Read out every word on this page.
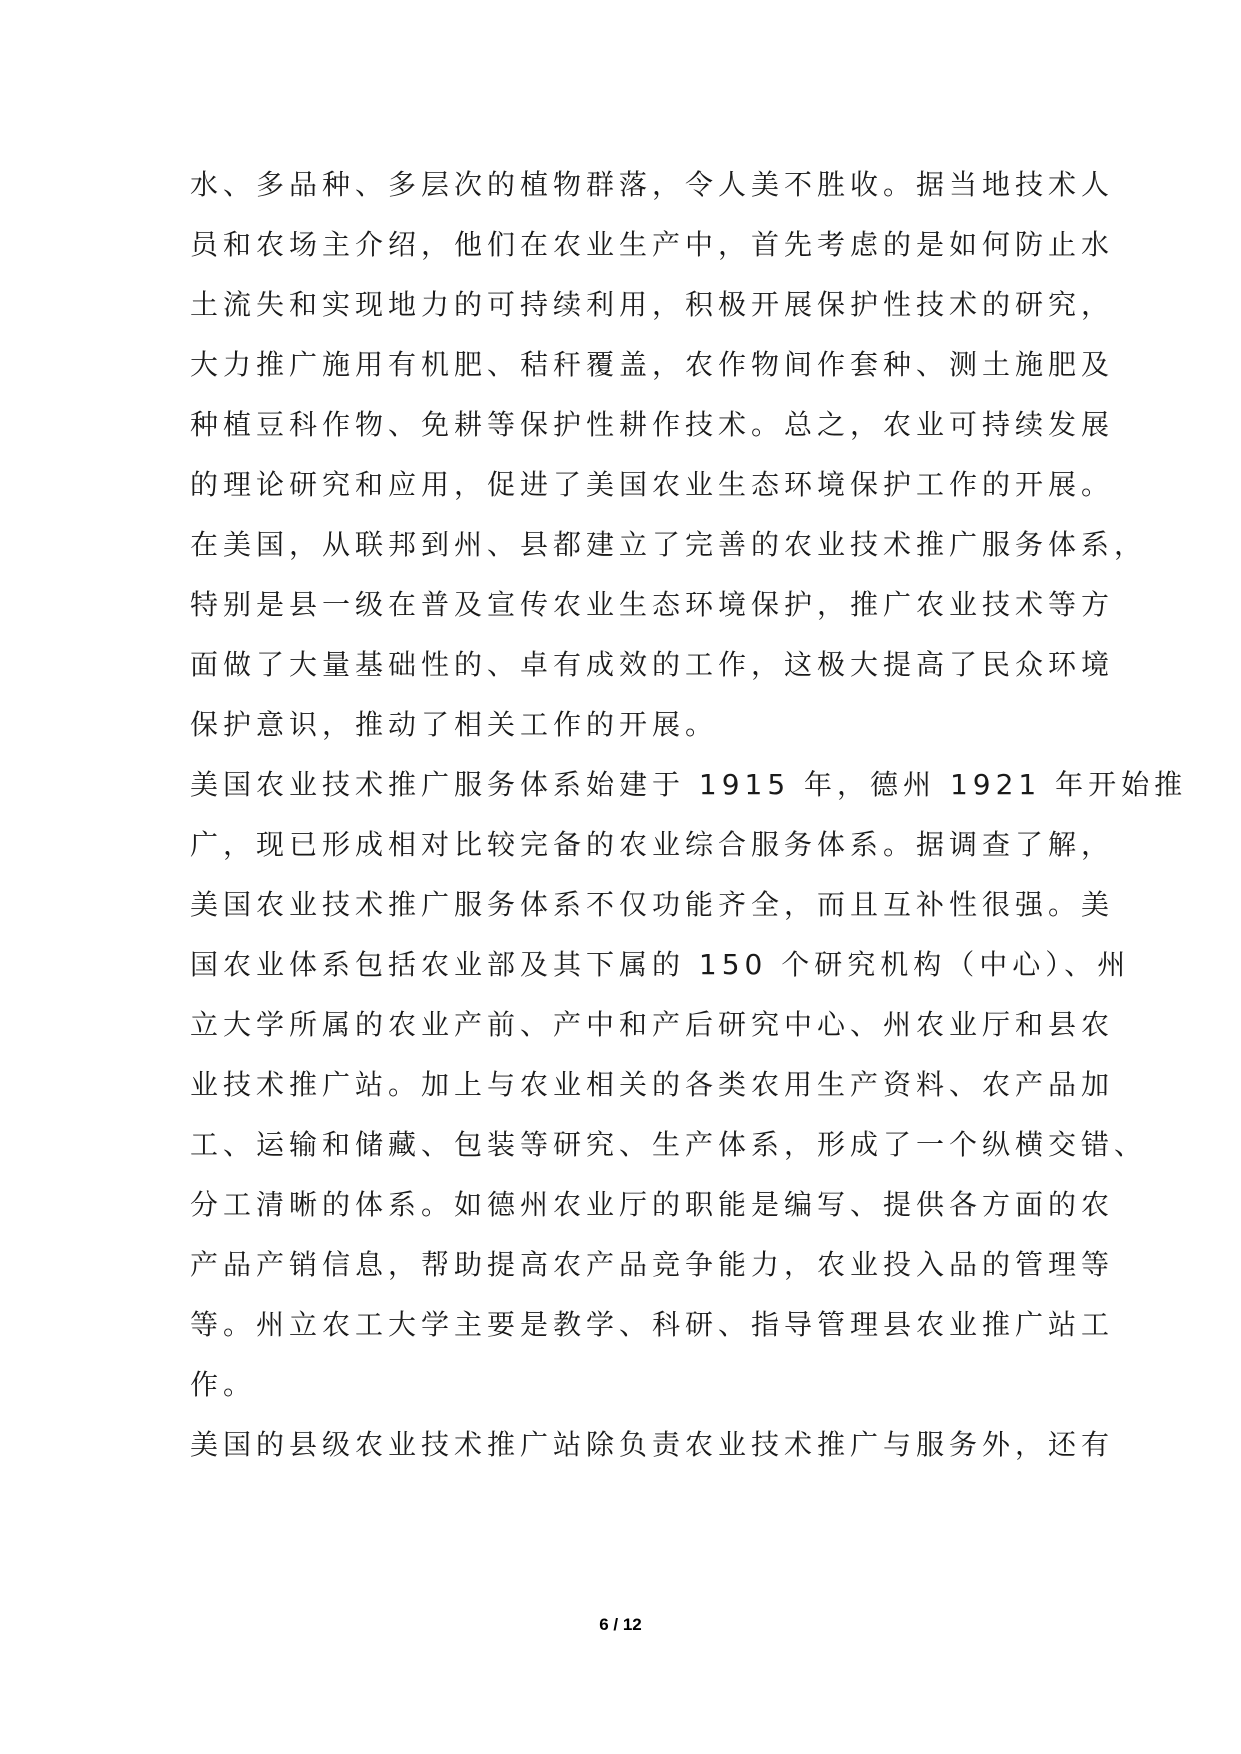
水、多品种、多层次的植物群落，令人美不胜收。据当地技术人
员和农场主介绍，他们在农业生产中，首先考虑的是如何防止水
土流失和实现地力的可持续利用，积极开展保护性技术的研究，
大力推广施用有机肥、秸秆覆盖，农作物间作套种、测土施肥及
种植豆科作物、免耕等保护性耕作技术。总之，农业可持续发展
的理论研究和应用，促进了美国农业生态环境保护工作的开展。
在美国，从联邦到州、县都建立了完善的农业技术推广服务体系，
特别是县一级在普及宣传农业生态环境保护，推广农业技术等方
面做了大量基础性的、卓有成效的工作，这极大提高了民众环境
保护意识，推动了相关工作的开展。
美国农业技术推广服务体系始建于 1915 年，德州 1921 年开始推
广，现已形成相对比较完备的农业综合服务体系。据调查了解，
美国农业技术推广服务体系不仅功能齐全，而且互补性很强。美
国农业体系包括农业部及其下属的 150 个研究机构（中心）、州
立大学所属的农业产前、产中和产后研究中心、州农业厅和县农
业技术推广站。加上与农业相关的各类农用生产资料、农产品加
工、运输和储藏、包装等研究、生产体系，形成了一个纵横交错、
分工清晰的体系。如德州农业厅的职能是编写、提供各方面的农
产品产销信息，帮助提高农产品竞争能力，农业投入品的管理等
等。州立农工大学主要是教学、科研、指导管理县农业推广站工
作。
美国的县级农业技术推广站除负责农业技术推广与服务外，还有
6 / 12
